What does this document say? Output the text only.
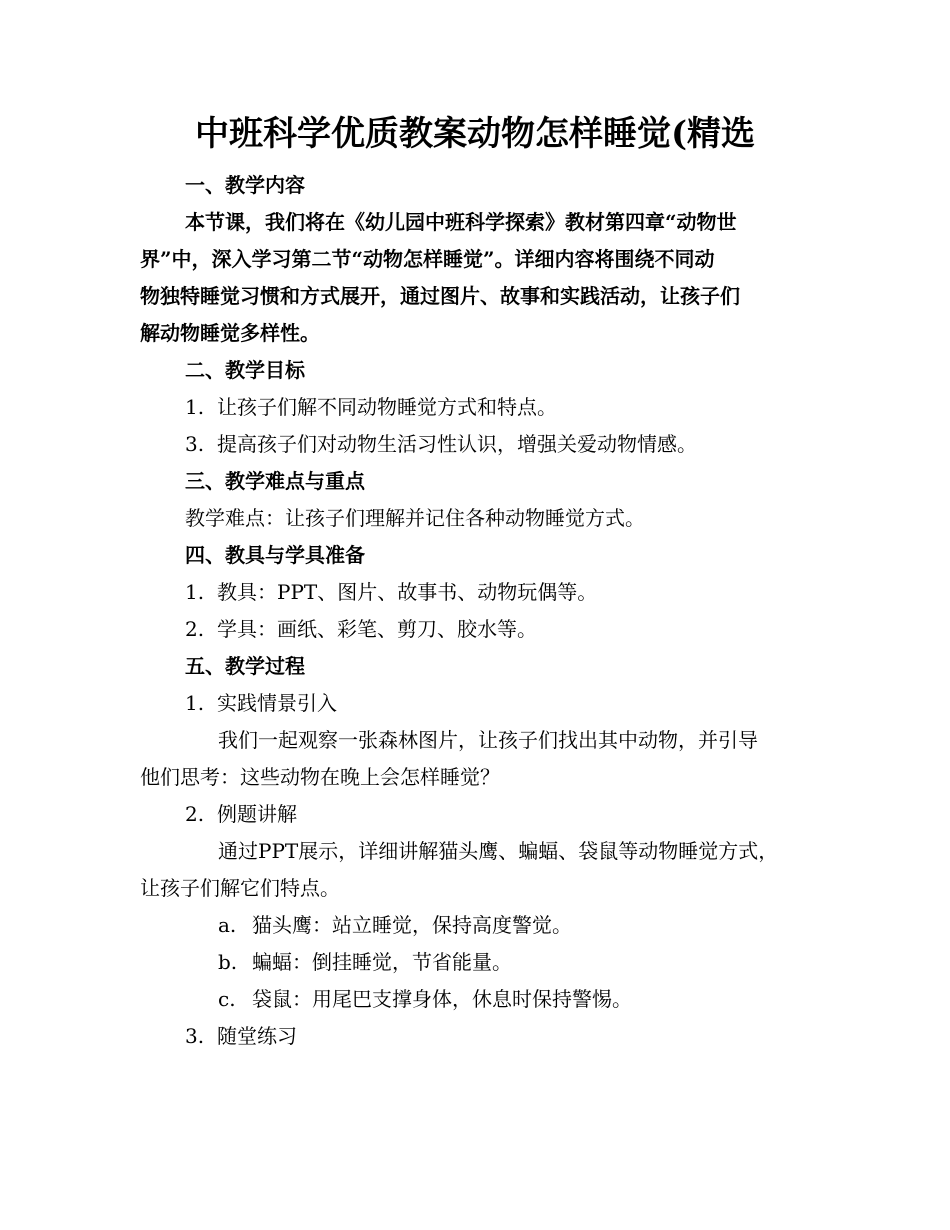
中班科学优质教案动物怎样睡觉(精选
一、教学内容
本节课，我们将在《幼儿园中班科学探索》教材第四章“动物世
界”中，深入学习第二节“动物怎样睡觉”。详细内容将围绕不同动
物独特睡觉习惯和方式展开，通过图片、故事和实践活动，让孩子们
解动物睡觉多样性。
二、教学目标
1. 让孩子们解不同动物睡觉方式和特点。
3. 提高孩子们对动物生活习性认识，增强关爱动物情感。
三、教学难点与重点
教学难点：让孩子们理解并记住各种动物睡觉方式。
四、教具与学具准备
1. 教具：PPT、图片、故事书、动物玩偶等。
2. 学具：画纸、彩笔、剪刀、胶水等。
五、教学过程
1. 实践情景引入
我们一起观察一张森林图片，让孩子们找出其中动物，并引导
他们思考：这些动物在晚上会怎样睡觉？
2. 例题讲解
通过PPT展示，详细讲解猫头鹰、蝙蝠、袋鼠等动物睡觉方式，
让孩子们解它们特点。
a. 猫头鹰：站立睡觉，保持高度警觉。
b. 蝙蝠：倒挂睡觉，节省能量。
c. 袋鼠：用尾巴支撑身体，休息时保持警惕。
3. 随堂练习
